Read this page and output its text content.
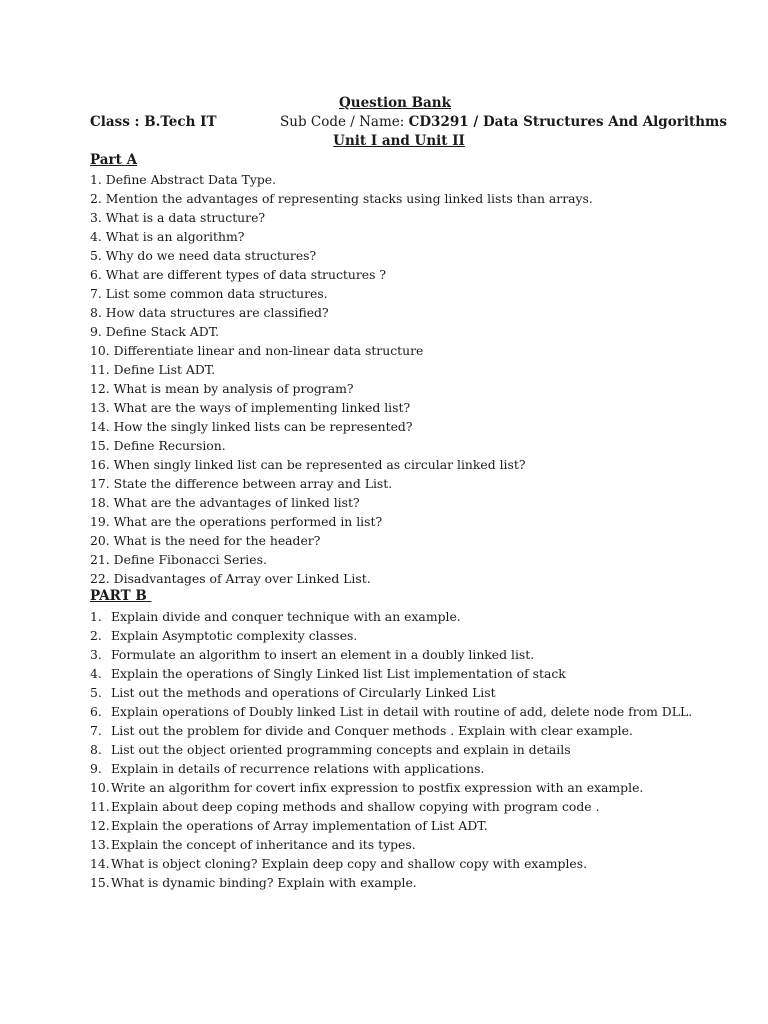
Question Bank
Class : B.Tech IT	Sub Code / Name: CD3291 / Data Structures And Algorithms
Unit I and Unit II
Part A
1. Define Abstract Data Type.
2. Mention the advantages of representing stacks using linked lists than arrays.
3. What is a data structure?
4. What is an algorithm?
5. Why do we need data structures?
6. What are different types of data structures ?
7. List some common data structures.
8. How data structures are classified?
9. Define Stack ADT.
10. Differentiate linear and non-linear data structure
11. Define List ADT.
12. What is mean by analysis of program?
13. What are the ways of implementing linked list?
14. How the singly linked lists can be represented?
15. Define Recursion.
16. When singly linked list can be represented as circular linked list?
17. State the difference between array and List.
18. What are the advantages of linked list?
19. What are the operations performed in list?
20. What is the need for the header?
21. Define Fibonacci Series.
22. Disadvantages of Array over Linked List.
PART B
1. Explain divide and conquer technique with an example.
2. Explain Asymptotic complexity classes.
3. Formulate an algorithm to insert an element in a doubly linked list.
4. Explain the operations of Singly Linked list List implementation of stack
5. List out the methods and operations of Circularly Linked List
6. Explain operations of Doubly linked List in detail with routine of add, delete node from DLL.
7. List out the problem for divide and Conquer methods . Explain with clear example.
8. List out the object oriented programming concepts and explain in details
9. Explain in details of recurrence relations with applications.
10.Write an algorithm for covert infix expression to postfix expression with an example.
11.Explain about deep coping methods and shallow copying with program code .
12.Explain the operations of Array implementation of List ADT.
13.Explain the concept of inheritance and its types.
14.What is object cloning? Explain deep copy and shallow copy with examples.
15.What is dynamic binding? Explain with example.
